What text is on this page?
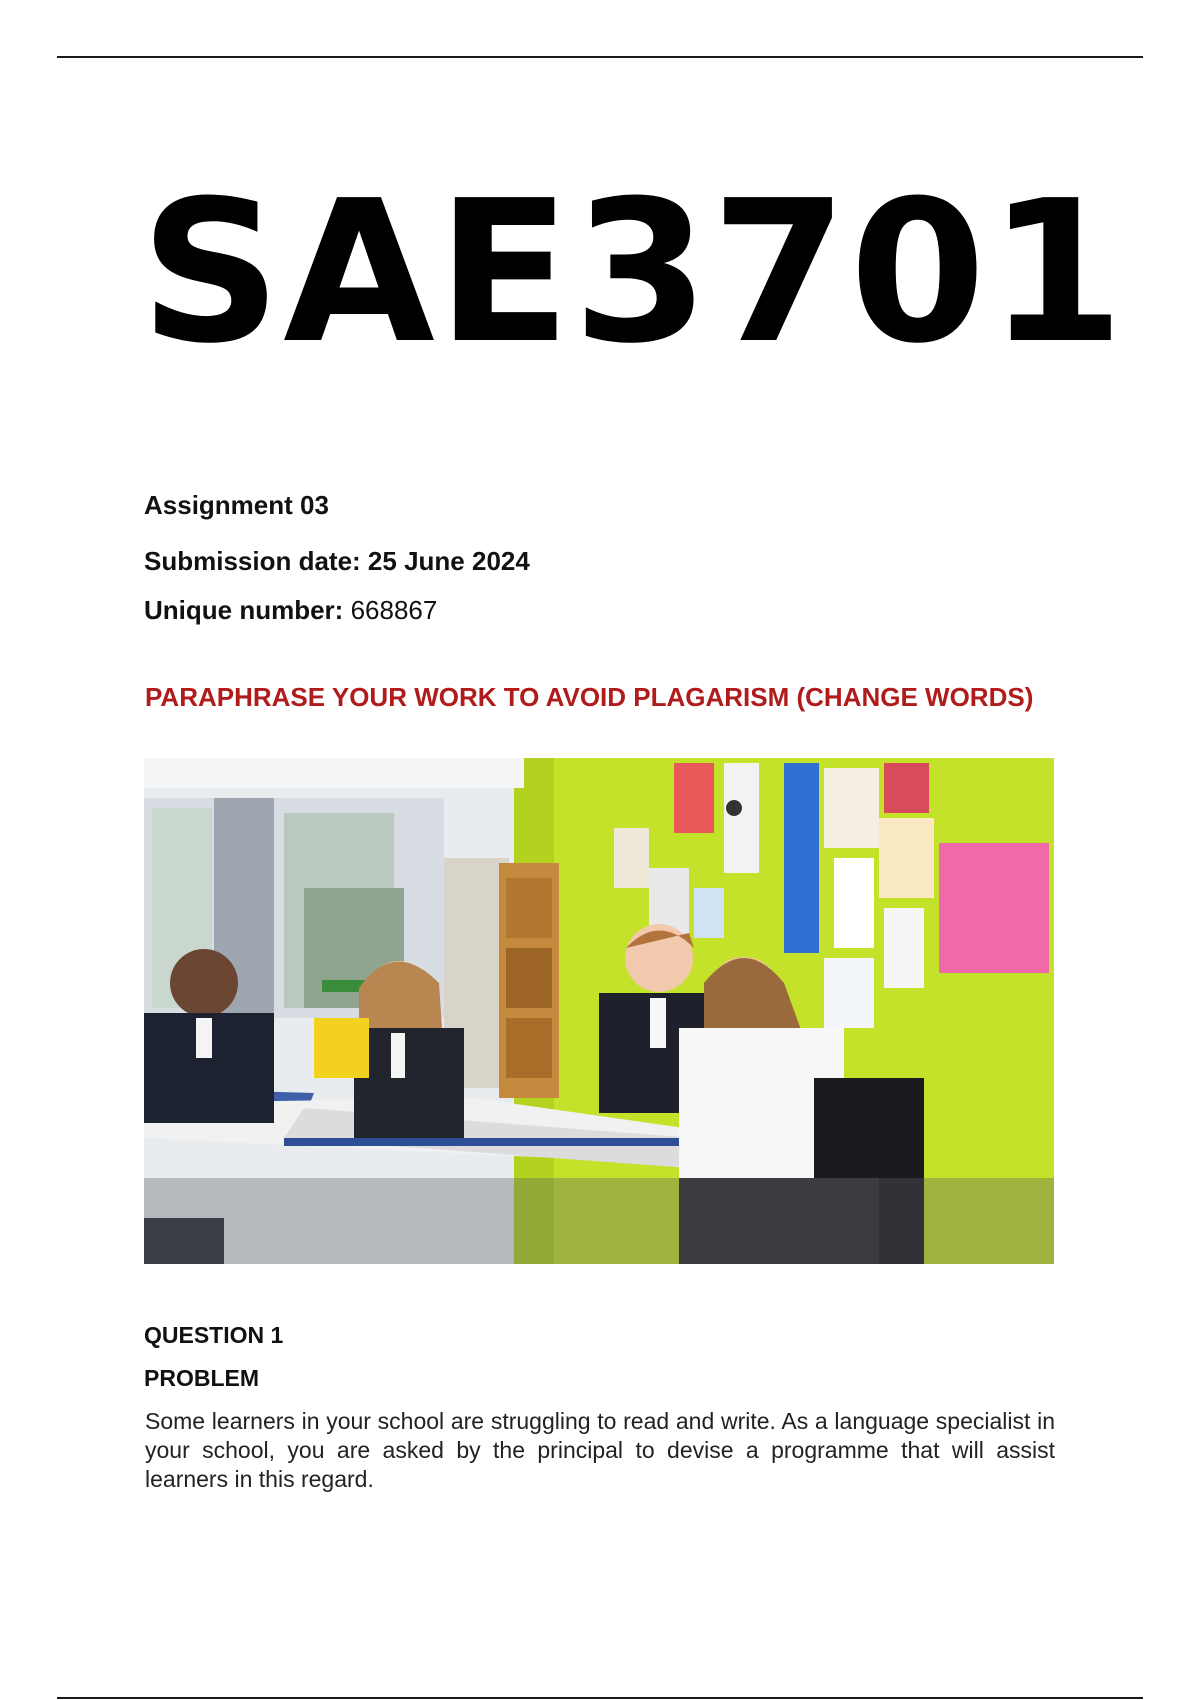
SAE3701
Assignment 03
Submission date: 25 June 2024
Unique number: 668867
PARAPHRASE YOUR WORK TO AVOID PLAGARISM (CHANGE WORDS)
QUESTION 1
PROBLEM
Some learners in your school are struggling to read and write. As a language specialist in your school, you are asked by the principal to devise a programme that will assist learners in this regard.
